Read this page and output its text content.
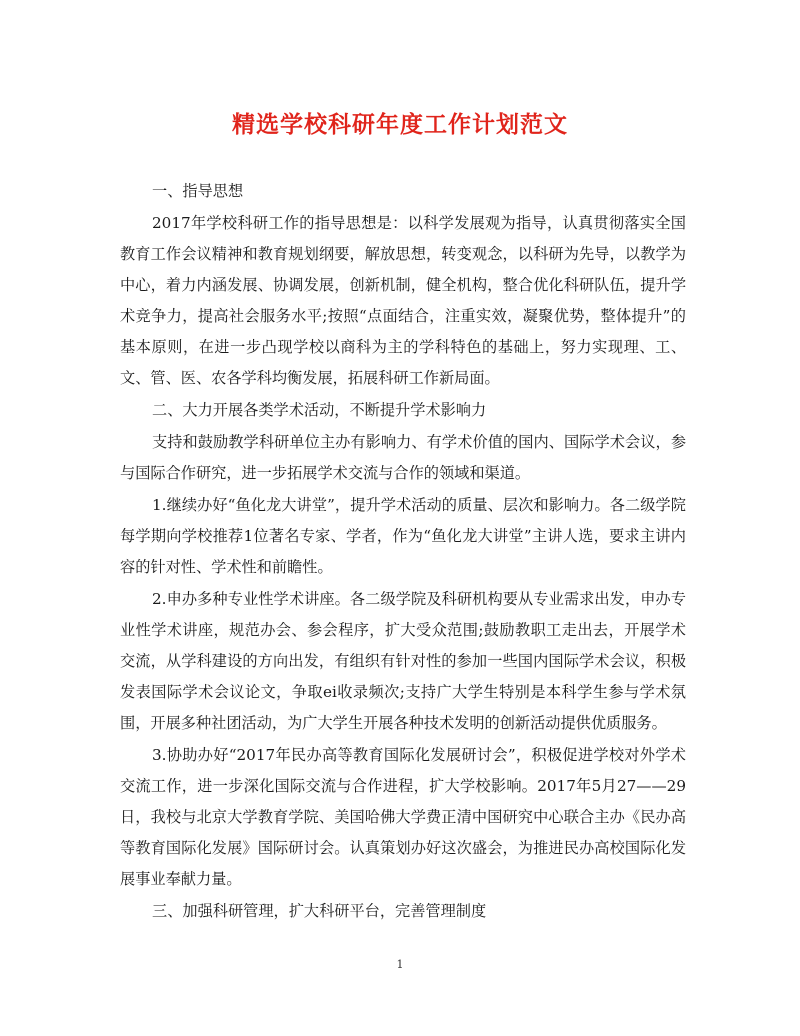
精选学校科研年度工作计划范文

一、指导思想

2017年学校科研工作的指导思想是：以科学发展观为指导，认真贯彻落实全国教育工作会议精神和教育规划纲要，解放思想，转变观念，以科研为先导，以教学为中心，着力内涵发展、协调发展，创新机制，健全机构，整合优化科研队伍，提升学术竞争力，提高社会服务水平;按照“点面结合，注重实效，凝聚优势，整体提升”的基本原则，在进一步凸现学校以商科为主的学科特色的基础上，努力实现理、工、文、管、医、农各学科均衡发展，拓展科研工作新局面。

二、大力开展各类学术活动，不断提升学术影响力

支持和鼓励教学科研单位主办有影响力、有学术价值的国内、国际学术会议，参与国际合作研究，进一步拓展学术交流与合作的领域和渠道。

1.继续办好“鱼化龙大讲堂”，提升学术活动的质量、层次和影响力。各二级学院每学期向学校推荐1位著名专家、学者，作为“鱼化龙大讲堂”主讲人选，要求主讲内容的针对性、学术性和前瞻性。

2.申办多种专业性学术讲座。各二级学院及科研机构要从专业需求出发，申办专业性学术讲座，规范办会、参会程序，扩大受众范围;鼓励教职工走出去，开展学术交流，从学科建设的方向出发，有组织有针对性的参加一些国内国际学术会议，积极发表国际学术会议论文，争取ei收录频次;支持广大学生特别是本科学生参与学术氛围，开展多种社团活动，为广大学生开展各种技术发明的创新活动提供优质服务。

3.协助办好“2017年民办高等教育国际化发展研讨会”，积极促进学校对外学术交流工作，进一步深化国际交流与合作进程，扩大学校影响。2017年5月27——29日，我校与北京大学教育学院、美国哈佛大学费正清中国研究中心联合主办《民办高等教育国际化发展》国际研讨会。认真策划办好这次盛会，为推进民办高校国际化发展事业奉献力量。

三、加强科研管理，扩大科研平台，完善管理制度

1
